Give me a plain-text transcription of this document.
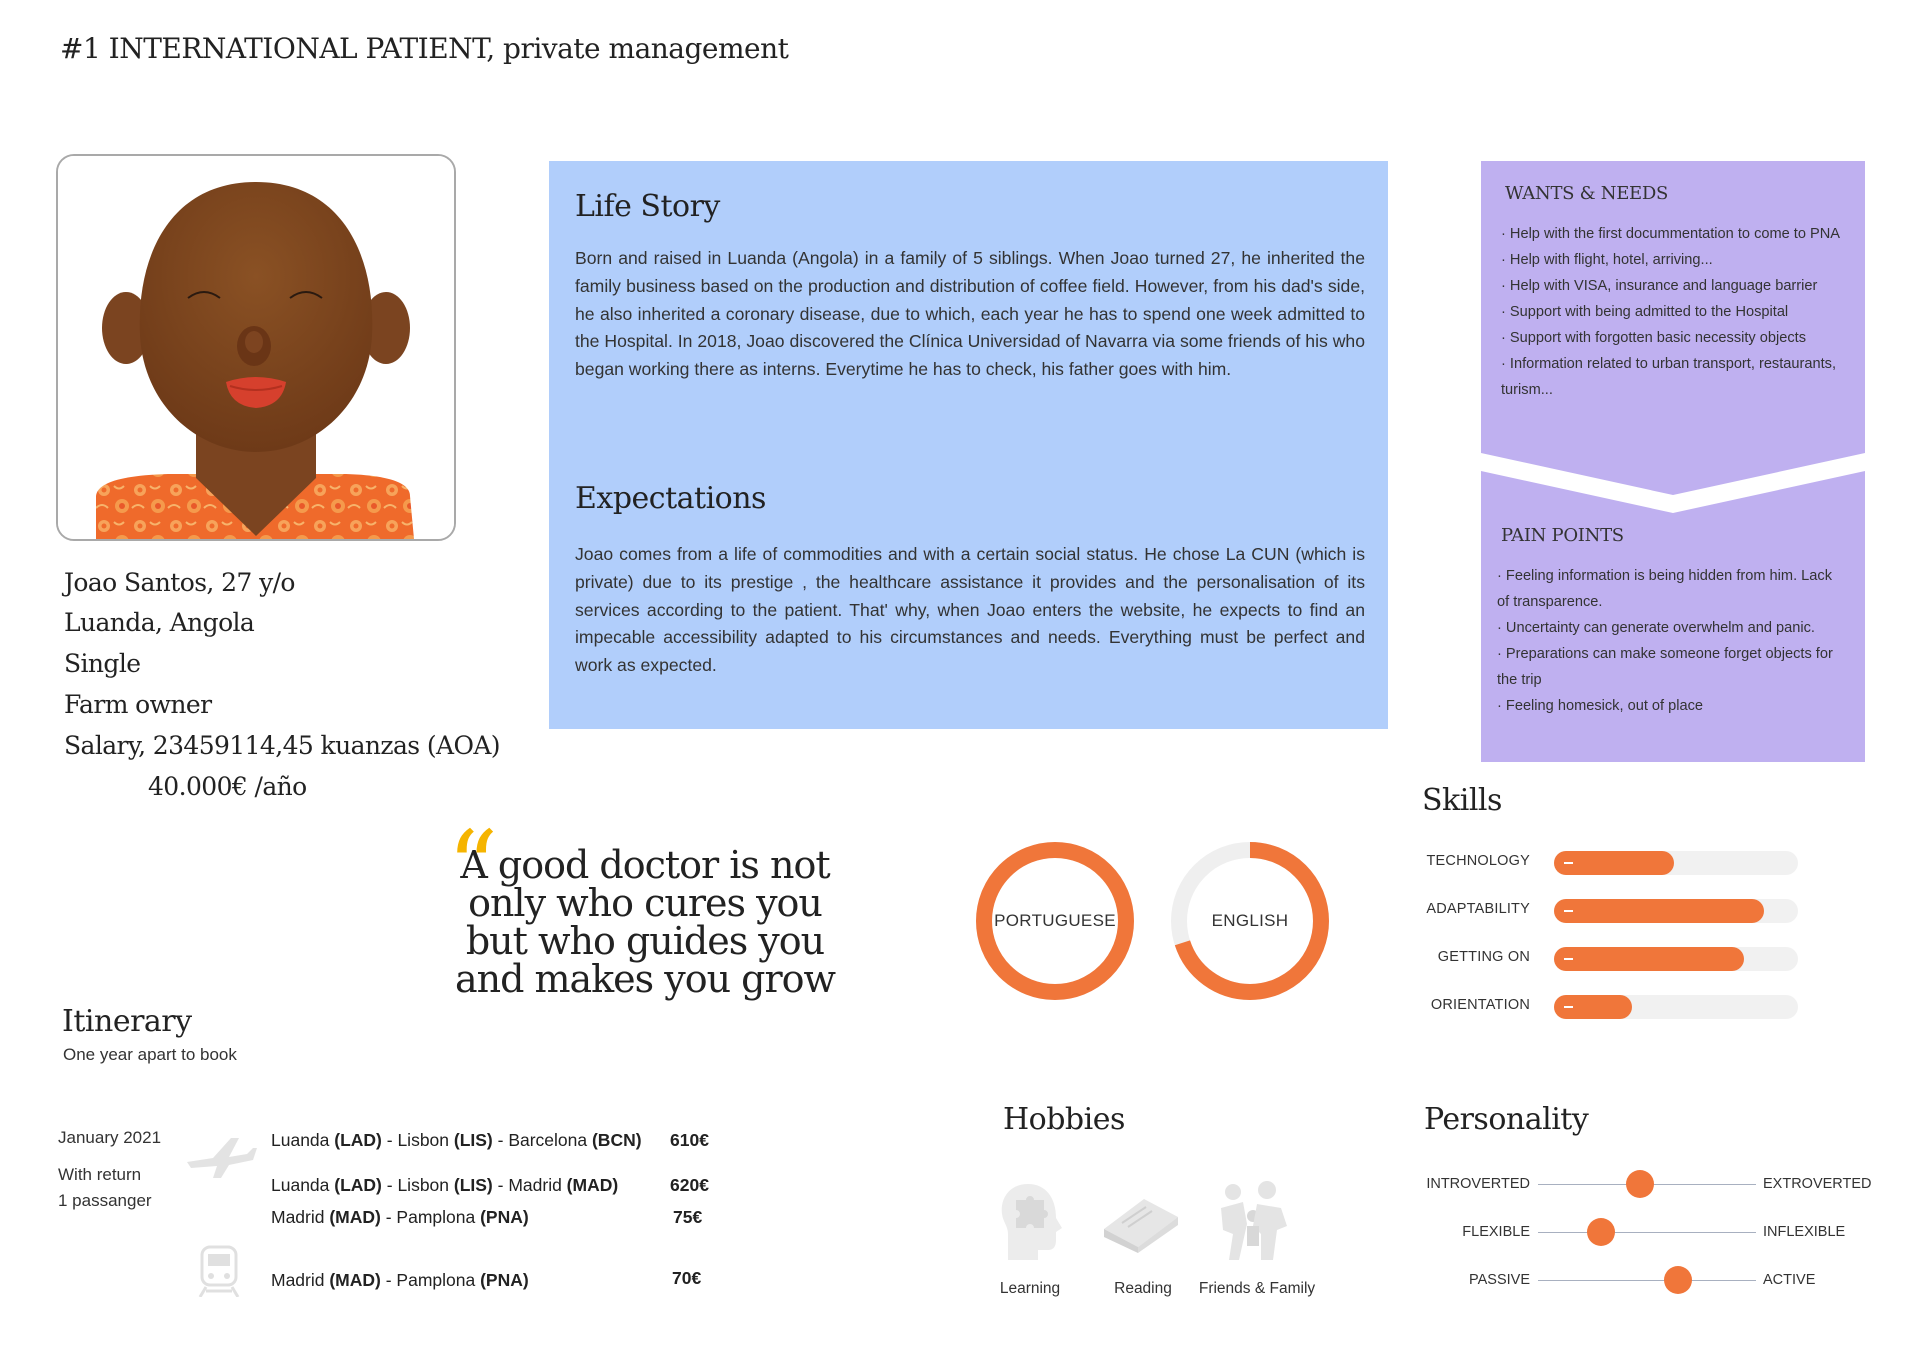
#1 INTERNATIONAL PATIENT, private management
Joao Santos, 27 y/o
Luanda, Angola
Single
Farm owner
Salary, 23459114,45 kuanzas (AOA)
40.000€ /año
Life Story
Born and raised in Luanda (Angola) in a family of 5 siblings. When Joao turned 27, he inherited the family business based on the production and distribution of coffee field. However, from his dad's side, he also inherited a coronary disease, due to which, each year he has to spend one week admitted to the Hospital. In 2018, Joao discovered the Clínica Universidad of Navarra via some friends of his who began working there as interns. Everytime he has to check, his father goes with him.
Expectations
Joao comes from a life of commodities and with a certain social status. He chose La CUN (which is private) due to its prestige , the healthcare assistance it provides and the personalisation of its services according to the patient. That' why, when Joao enters the website, he expects to find an impecable accessibility adapted to his circumstances and needs. Everything must be perfect and work as expected.
WANTS & NEEDS
· Help with the first docummentation to come to PNA
· Help with flight, hotel, arriving...
· Help with VISA, insurance and language barrier
· Support with being admitted to the Hospital
· Support with forgotten basic necessity objects
· Information related to urban transport, restaurants, turism...
PAIN POINTS
· Feeling information is being hidden from him. Lack of transparence.
· Uncertainty can generate overwhelm and panic.
· Preparations can make someone forget objects for the trip
· Feeling homesick, out of place
“
A good doctor is not only who cures you but who guides you and makes you grow
PORTUGUESE	ENGLISH
Skills
TECHNOLOGY
ADAPTABILITY
GETTING ON
ORIENTATION
Itinerary
One year apart to book
January 2021
With return
1 passanger
Luanda (LAD) - Lisbon (LIS) - Barcelona (BCN) 610€
Luanda (LAD) - Lisbon (LIS) - Madrid (MAD)	620€
Madrid (MAD) - Pamplona (PNA)	75€
Madrid (MAD) - Pamplona (PNA)	70€
Hobbies
Learning	Reading	Friends & Family
Personality
INTROVERTED	EXTROVERTED
FLEXIBLE	INFLEXIBLE
PASSIVE	ACTIVE
